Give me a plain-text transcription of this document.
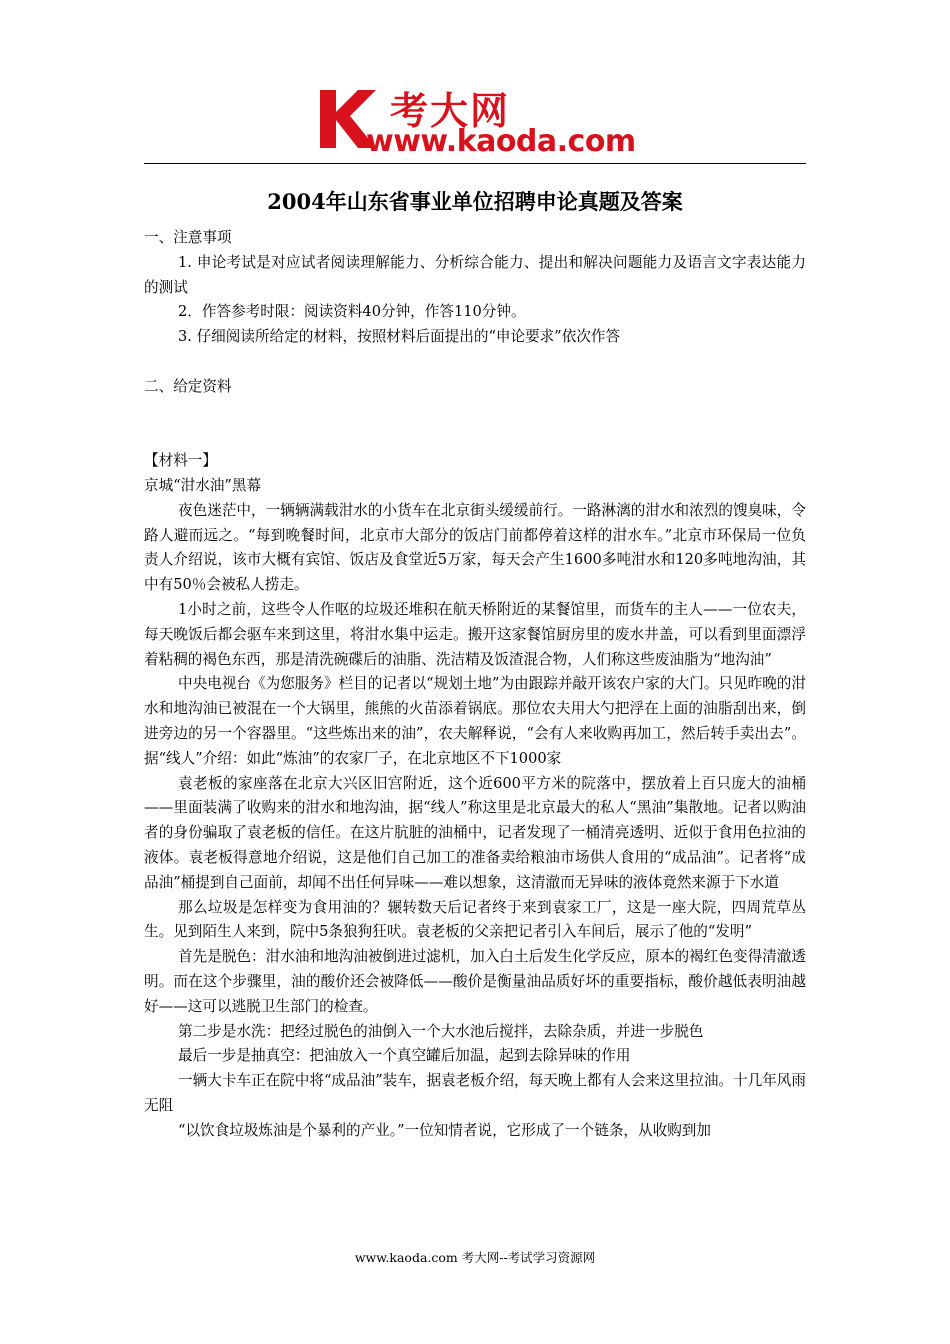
考大网
www.kaoda.com
2004年山东省事业单位招聘申论真题及答案

一、注意事项

1. 申论考试是对应试者阅读理解能力、分析综合能力、提出和解决问题能力及语言文字表达能力的测试

2．作答参考时限：阅读资料40分钟，作答110分钟。

3. 仔细阅读所给定的材料，按照材料后面提出的“申论要求”依次作答

二、给定资料

【材料一】

京城“泔水油”黑幕

夜色迷茫中，一辆辆满载泔水的小货车在北京街头缓缓前行。一路淋漓的泔水和浓烈的馊臭味，令路人避而远之。“每到晚餐时间，北京市大部分的饭店门前都停着这样的泔水车。”北京市环保局一位负责人介绍说，该市大概有宾馆、饭店及食堂近5万家，每天会产生1600多吨泔水和120多吨地沟油，其中有50％会被私人捞走。

1小时之前，这些令人作呕的垃圾还堆积在航天桥附近的某餐馆里，而货车的主人——一位农夫，每天晚饭后都会驱车来到这里，将泔水集中运走。搬开这家餐馆厨房里的废水井盖，可以看到里面漂浮着粘稠的褐色东西，那是清洗碗碟后的油脂、洗洁精及饭渣混合物，人们称这些废油脂为“地沟油”

中央电视台《为您服务》栏目的记者以“规划土地”为由跟踪并敲开该农户家的大门。只见昨晚的泔水和地沟油已被混在一个大锅里，熊熊的火苗添着锅底。那位农夫用大勺把浮在上面的油脂刮出来，倒进旁边的另一个容器里。“这些炼出来的油”，农夫解释说，“会有人来收购再加工，然后转手卖出去”。据“线人”介绍：如此“炼油”的农家厂子，在北京地区不下1000家

袁老板的家座落在北京大兴区旧宫附近，这个近600平方米的院落中，摆放着上百只庞大的油桶——里面装满了收购来的泔水和地沟油，据“线人”称这里是北京最大的私人“黑油”集散地。记者以购油者的身份骗取了袁老板的信任。在这片肮脏的油桶中，记者发现了一桶清亮透明、近似于食用色拉油的液体。袁老板得意地介绍说，这是他们自己加工的准备卖给粮油市场供人食用的“成品油”。记者将“成品油”桶提到自己面前，却闻不出任何异味——难以想象，这清澈而无异味的液体竟然来源于下水道

那么垃圾是怎样变为食用油的？辗转数天后记者终于来到袁家工厂，这是一座大院，四周荒草丛生。见到陌生人来到，院中5条狼狗狂吠。袁老板的父亲把记者引入车间后，展示了他的“发明”

首先是脱色：泔水油和地沟油被倒进过滤机，加入白土后发生化学反应，原本的褐红色变得清澈透明。而在这个步骤里，油的酸价还会被降低——酸价是衡量油品质好坏的重要指标，酸价越低表明油越好——这可以逃脱卫生部门的检查。

第二步是水洗：把经过脱色的油倒入一个大水池后搅拌，去除杂质，并进一步脱色

最后一步是抽真空：把油放入一个真空罐后加温，起到去除异味的作用

一辆大卡车正在院中将“成品油”装车，据袁老板介绍，每天晚上都有人会来这里拉油。十几年风雨无阻

“以饮食垃圾炼油是个暴利的产业。”一位知情者说，它形成了一个链条，从收购到加

www.kaoda.com 考大网--考试学习资源网
